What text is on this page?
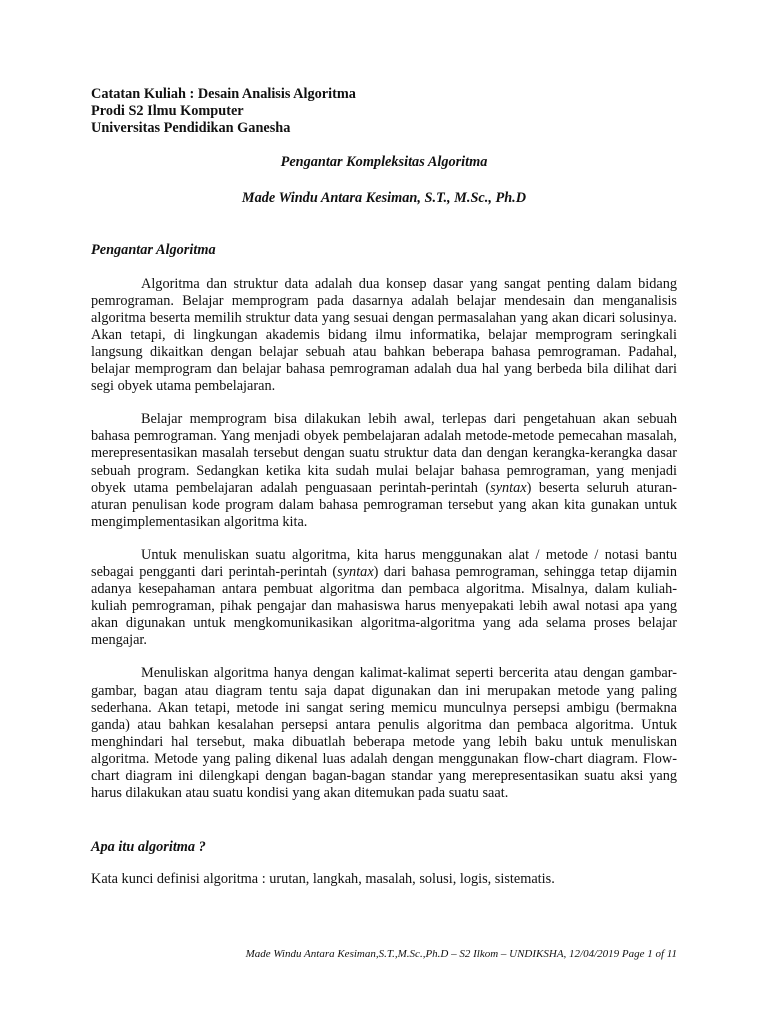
Catatan Kuliah : Desain Analisis Algoritma
Prodi S2 Ilmu Komputer
Universitas Pendidikan Ganesha
Pengantar Kompleksitas Algoritma
Made Windu Antara Kesiman, S.T., M.Sc., Ph.D
Pengantar Algoritma

Algoritma dan struktur data adalah dua konsep dasar yang sangat penting dalam bidang pemrograman. Belajar memprogram pada dasarnya adalah belajar mendesain dan menganalisis algoritma beserta memilih struktur data yang sesuai dengan permasalahan yang akan dicari solusinya. Akan tetapi, di lingkungan akademis bidang ilmu informatika, belajar memprogram seringkali langsung dikaitkan dengan belajar sebuah atau bahkan beberapa bahasa pemrograman. Padahal, belajar memprogram dan belajar bahasa pemrograman adalah dua hal yang berbeda bila dilihat dari segi obyek utama pembelajaran.

Belajar memprogram bisa dilakukan lebih awal, terlepas dari pengetahuan akan sebuah bahasa pemrograman. Yang menjadi obyek pembelajaran adalah metode-metode pemecahan masalah, merepresentasikan masalah tersebut dengan suatu struktur data dan dengan kerangka-kerangka dasar sebuah program. Sedangkan ketika kita sudah mulai belajar bahasa pemrograman, yang menjadi obyek utama pembelajaran adalah penguasaan perintah-perintah (syntax) beserta seluruh aturan-aturan penulisan kode program dalam bahasa pemrograman tersebut yang akan kita gunakan untuk mengimplementasikan algoritma kita.

Untuk menuliskan suatu algoritma, kita harus menggunakan alat / metode / notasi bantu sebagai pengganti dari perintah-perintah (syntax) dari bahasa pemrograman, sehingga tetap dijamin adanya kesepahaman antara pembuat algoritma dan pembaca algoritma. Misalnya, dalam kuliah-kuliah pemrograman, pihak pengajar dan mahasiswa harus menyepakati lebih awal notasi apa yang akan digunakan untuk mengkomunikasikan algoritma-algoritma yang ada selama proses belajar mengajar.

Menuliskan algoritma hanya dengan kalimat-kalimat seperti bercerita atau dengan gambar-gambar, bagan atau diagram tentu saja dapat digunakan dan ini merupakan metode yang paling sederhana. Akan tetapi, metode ini sangat sering memicu munculnya persepsi ambigu (bermakna ganda) atau bahkan kesalahan persepsi antara penulis algoritma dan pembaca algoritma. Untuk menghindari hal tersebut, maka dibuatlah beberapa metode yang lebih baku untuk menuliskan algoritma. Metode yang paling dikenal luas adalah dengan menggunakan flow-chart diagram. Flow-chart diagram ini dilengkapi dengan bagan-bagan standar yang merepresentasikan suatu aksi yang harus dilakukan atau suatu kondisi yang akan ditemukan pada suatu saat.

Apa itu algoritma ?

Kata kunci definisi algoritma : urutan, langkah, masalah, solusi, logis, sistematis.

Made Windu Antara Kesiman,S.T.,M.Sc.,Ph.D – S2 Ilkom – UNDIKSHA, 12/04/2019 Page 1 of 11
